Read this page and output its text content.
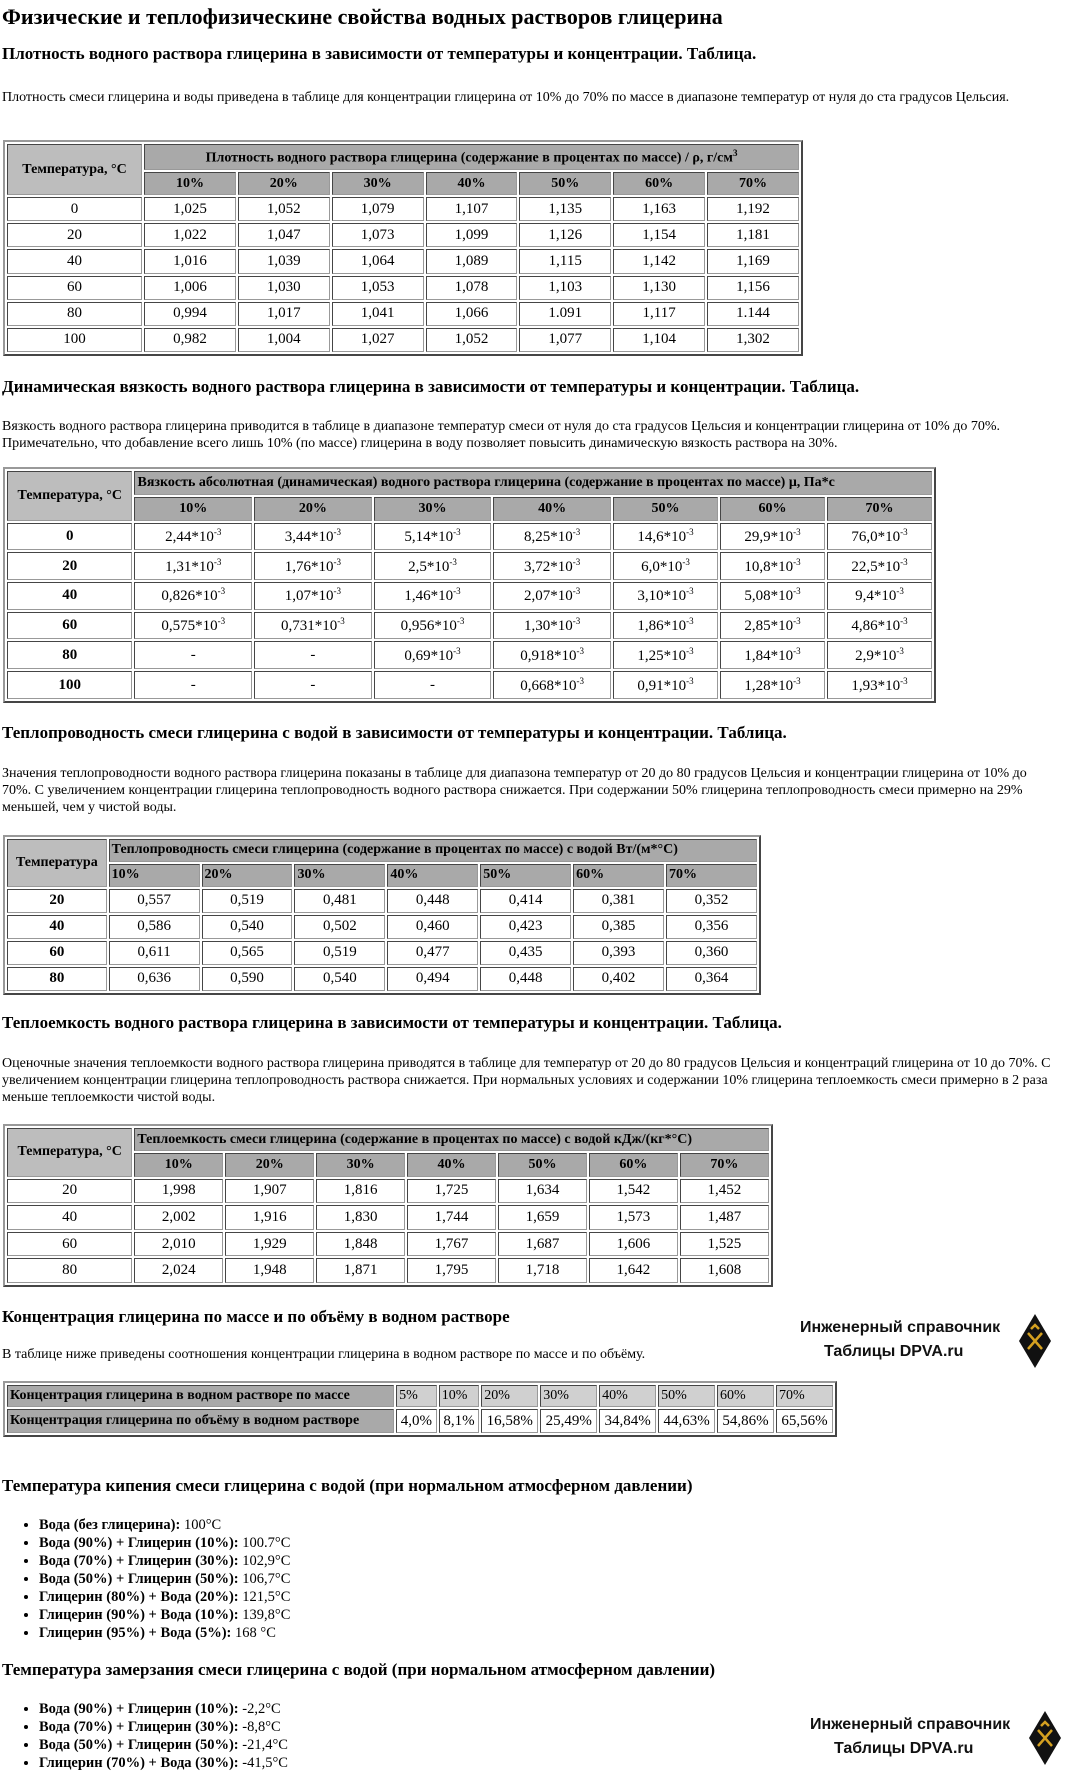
Физические и теплофизическине свойства водных растворов глицерина
Плотность водного раствора глицерина в зависимости от температуры и концентрации. Таблица.

Плотность смеси глицерина и воды приведена в таблице для концентрации глицерина от 10% до 70% по массе в диапазоне температур от нуля до ста градусов Цельсия.

Температура, °С	Плотность водного раствора глицерина (содержание в процентах по массе) / ρ, $г/см^3$
	10%	20%	30%	40%	50%	60%	70%
0	1,025	1,052	1,079	1,107	1,135	1,163	1,192
20	1,022	1,047	1,073	1,099	1,126	1,154	1,181
40	1,016	1,039	1,064	1,089	1,115	1,142	1,169
60	1,006	1,030	1,053	1,078	1,103	1,130	1,156
80	0,994	1,017	1,041	1,066	1.091	1,117	1.144
100	0,982	1,004	1,027	1,052	1,077	1,104	1,302
Динамическая вязкость водного раствора глицерина в зависимости от температуры и концентрации. Таблица.

Вязкость водного раствора глицерина приводится в таблице в диапазоне температур смеси от нуля до ста градусов Цельсия и концентрации глицерина от 10% до 70%. Примечательно, что добавление всего лишь 10% (по массе) глицерина в воду позволяет повысить динамическую вязкость раствора на 30%.

Температура, °С	Вязкость абсолютная (динамическая) водного раствора глицерина (содержание в процентах по массе) μ, Па*с						
	10%	20%	30%	40%	50%	60%	70%
0	$2,44*10^{-3}$	$3,44*10^{-3}$	$5,14*10^{-3}$	$8,25*10^{-3}$	$14,6*10^{-3}$	$29,9*10^{-3}$	$76,0*10^{-3}$
20	$1,31*10^{-3}$	$1,76*10^{-3}$	$2,5*10^{-3}$	$3,72*10^{-3}$	$6,0*10^{-3}$	$10,8*10^{-3}$	$22,5*10^{-3}$
40	$0,826*10^{-3}$	$1,07*10^{-3}$	$1,46*10^{-3}$	$2,07*10^{-3}$	$3,10*10^{-3}$	$5,08*10^{-3}$	$9,4*10^{-3}$
60	$0,575*10^{-3}$	$0,731*10^{-3}$	$0,956*10^{-3}$	$1,30*10^{-3}$	$1,86*10^{-3}$	$2,85*10^{-3}$	$4,86*10^{-3}$
80	-	-	$0,69*10^{-3}$	$0,918*10^{-3}$	$1,25*10^{-3}$	$1,84*10^{-3}$	$2,9*10^{-3}$
100	-	-	-	$0,668*10^{-3}$	$0,91*10^{-3}$	$1,28*10^{-3}$	$1,93*10^{-3}$
Теплопроводность смеси глицерина с водой в зависимости от температуры и концентрации. Таблица.

Значения теплопроводности водного раствора глицерина показаны в таблице для диапазона температур от 20 до 80 градусов Цельсия и концентрации глицерина от 10% до 70%. С увеличением концентрации глицерина теплопроводность водного раствора снижается. При содержании 50% глицерина теплопроводность смеси примерно на 29% меньшей, чем у чистой воды.

Температура	Теплопроводность смеси глицерина (содержание в процентах по массе) с водой Вт/(м*°С)						
	10%	20%	30%	40%	50%	60%	70%
20	0,557	0,519	0,481	0,448	0,414	0,381	0,352
40	0,586	0,540	0,502	0,460	0,423	0,385	0,356
60	0,611	0,565	0,519	0,477	0,435	0,393	0,360
80	0,636	0,590	0,540	0,494	0,448	0,402	0,364
Теплоемкость водного раствора глицерина в зависимости от температуры и концентрации. Таблица.

Оценочные значения теплоемкости водного раствора глицерина приводятся в таблице для температур от 20 до 80 градусов Цельсия и концентраций глицерина от 10 до 70%. С увеличением концентрации глицерина теплопроводность раствора снижается. При нормальных условиях и содержании 10% глицерина теплоемкость смеси примерно в 2 раза меньше теплоемкости чистой воды.

Температура, °С	Теплоемкость смеси глицерина (содержание в процентах по массе) с водой кДж/(кг*°С)						
	10%	20%	30%	40%	50%	60%	70%
20	1,998	1,907	1,816	1,725	1,634	1,542	1,452
40	2,002	1,916	1,830	1,744	1,659	1,573	1,487
60	2,010	1,929	1,848	1,767	1,687	1,606	1,525
80	2,024	1,948	1,871	1,795	1,718	1,642	1,608
Концентрация глицерина по массе и по объёму в водном растворе

В таблице ниже приведены соотношения концентрации глицерина в водном растворе по массе и по объёму.

Концентрация глицерина в водном растворе по массе	5%	10%	20%	30%	40%	50%	60%	70%
Концентрация глицерина по объёму в водном растворе	4,0%	8,1%	16,58%	25,49%	34,84%	44,63%	54,86%	65,56%
Инженерный справочник
Таблицы DPVA.ru
Температура кипения смеси глицерина с водой (при нормальном атмосферном давлении)
• Вода (без глицерина): 100°С
• Вода (90%) + Глицерин (10%): 100.7°С
• Вода (70%) + Глицерин (30%): 102,9°С
• Вода (50%) + Глицерин (50%): 106,7°С
• Глицерин (80%) + Вода (20%): 121,5°С
• Глицерин (90%) + Вода (10%): 139,8°С
• Глицерин (95%) + Вода (5%): 168 °С
Температура замерзания смеси глицерина с водой (при нормальном атмосферном давлении)
• Вода (90%) + Глицерин (10%): -2,2°С
• Вода (70%) + Глицерин (30%): -8,8°С
• Вода (50%) + Глицерин (50%): -21,4°С
• Глицерин (70%) + Вода (30%): -41,5°С
Инженерный справочник
Таблицы DPVA.ru
